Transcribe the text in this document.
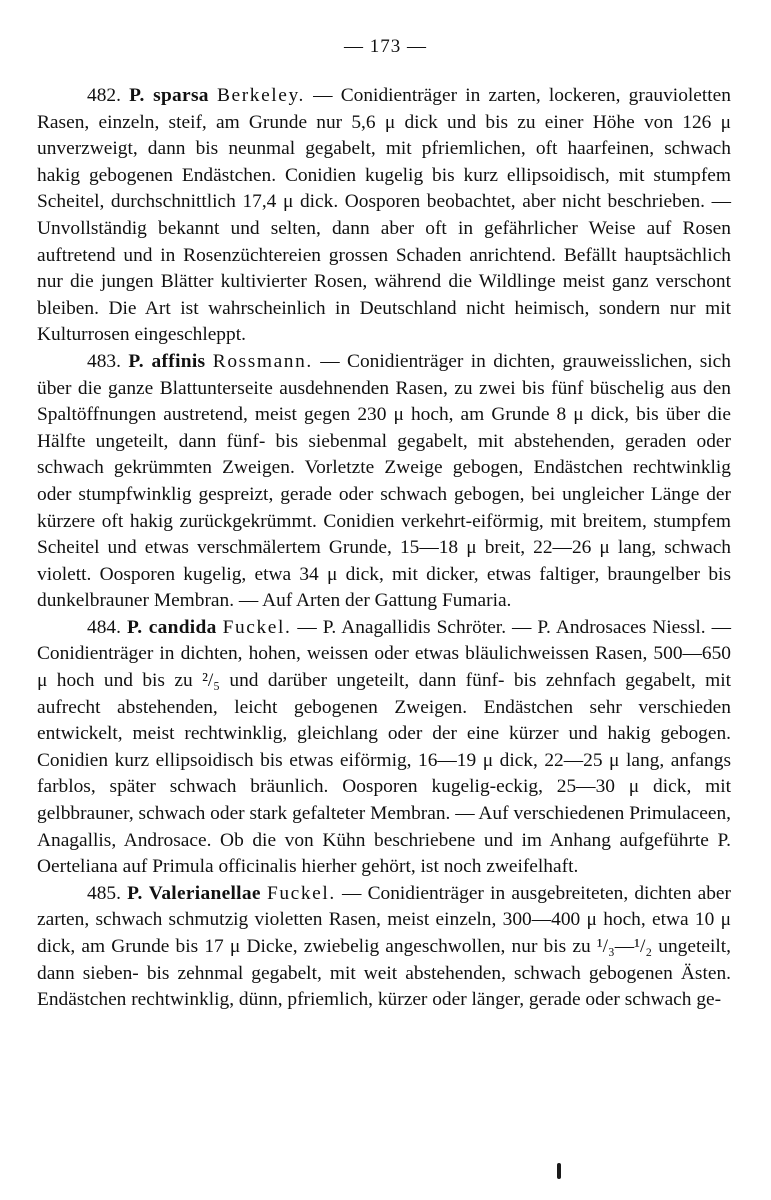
— 173 —

482. P. sparsa Berkeley. — Conidienträger in zarten, lockeren, grauvioletten Rasen, einzeln, steif, am Grunde nur 5,6 μ dick und bis zu einer Höhe von 126 μ unverzweigt, dann bis neunmal gegabelt, mit pfriemlichen, oft haarfeinen, schwach hakig gebogenen Endästchen. Conidien kugelig bis kurz ellipsoidisch, mit stumpfem Scheitel, durchschnittlich 17,4 μ dick. Oosporen beobachtet, aber nicht beschrieben. — Unvollständig bekannt und selten, dann aber oft in gefährlicher Weise auf Rosen auftretend und in Rosenzüchtereien grossen Schaden anrichtend. Befällt hauptsächlich nur die jungen Blätter kultivierter Rosen, während die Wildlinge meist ganz verschont bleiben. Die Art ist wahrscheinlich in Deutschland nicht heimisch, sondern nur mit Kulturrosen eingeschleppt.

483. P. affinis Rossmann. — Conidienträger in dichten, grauweisslichen, sich über die ganze Blattunterseite ausdehnenden Rasen, zu zwei bis fünf büschelig aus den Spaltöffnungen austretend, meist gegen 230 μ hoch, am Grunde 8 μ dick, bis über die Hälfte ungeteilt, dann fünf- bis siebenmal gegabelt, mit abstehenden, geraden oder schwach gekrümmten Zweigen. Vorletzte Zweige gebogen, Endästchen rechtwinklig oder stumpfwinklig gespreizt, gerade oder schwach gebogen, bei ungleicher Länge der kürzere oft hakig zurückgekrümmt. Conidien verkehrt-eiförmig, mit breitem, stumpfem Scheitel und etwas verschmälertem Grunde, 15—18 μ breit, 22—26 μ lang, schwach violett. Oosporen kugelig, etwa 34 μ dick, mit dicker, etwas faltiger, braungelber bis dunkelbrauner Membran. — Auf Arten der Gattung Fumaria.

484. P. candida Fuckel. — P. Anagallidis Schröter. — P. Androsaces Niessl. — Conidienträger in dichten, hohen, weissen oder etwas bläulichweissen Rasen, 500—650 μ hoch und bis zu ²/₅ und darüber ungeteilt, dann fünf- bis zehnfach gegabelt, mit aufrecht abstehenden, leicht gebogenen Zweigen. Endästchen sehr verschieden entwickelt, meist rechtwinklig, gleichlang oder der eine kürzer und hakig gebogen. Conidien kurz ellipsoidisch bis etwas eiförmig, 16—19 μ dick, 22—25 μ lang, anfangs farblos, später schwach bräunlich. Oosporen kugelig-eckig, 25—30 μ dick, mit gelbbrauner, schwach oder stark gefalteter Membran. — Auf verschiedenen Primulaceen, Anagallis, Androsace. Ob die von Kühn beschriebene und im Anhang aufgeführte P. Oerteliana auf Primula officinalis hierher gehört, ist noch zweifelhaft.

485. P. Valerianellae Fuckel. — Conidienträger in ausgebreiteten, dichten aber zarten, schwach schmutzig violetten Rasen, meist einzeln, 300—400 μ hoch, etwa 10 μ dick, am Grunde bis 17 μ Dicke, zwiebelig angeschwollen, nur bis zu ¹/₃—¹/₂ ungeteilt, dann sieben- bis zehnmal gegabelt, mit weit abstehenden, schwach gebogenen Ästen. Endästchen rechtwinklig, dünn, pfriemlich, kürzer oder länger, gerade oder schwach ge-
